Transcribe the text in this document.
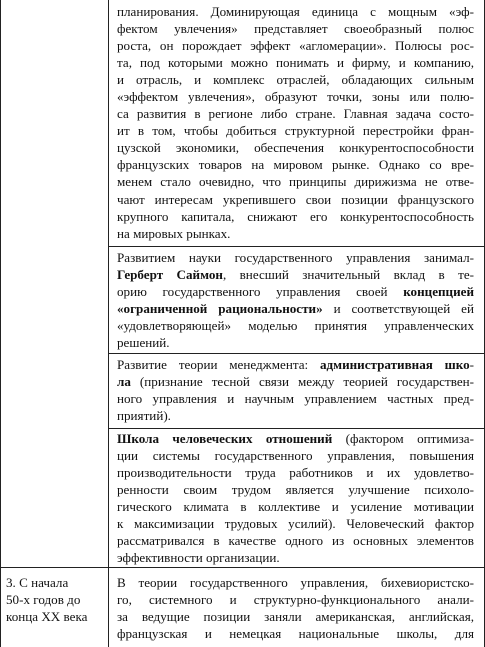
планирования. Доминирующая единица с мощным «эф-
фектом увлечения» представляет своеобразный полюс
роста, он порождает эффект «агломерации». Полюсы рос-
та, под которыми можно понимать и фирму, и компанию,
и отрасль, и комплекс отраслей, обладающих сильным
«эффектом увлечения», образуют точки, зоны или полю-
са развития в регионе либо стране. Главная задача состо-
ит в том, чтобы добиться структурной перестройки фран-
цузской экономики, обеспечения конкурентоспособности
французских товаров на мировом рынке. Однако со вре-
менем стало очевидно, что принципы дирижизма не отве-
чают интересам укрепившего свои позиции французского
крупного капитала, снижают его конкурентоспособность
на мировых рынках.
Развитием науки государственного управления занимал-
Герберт Саймон, внесший значительный вклад в те-
орию государственного управления своей концепцией
«ограниченной рациональности» и соответствующей ей
«удовлетворяющей» моделью принятия управленческих
решений.
Развитие теории менеджмента: административная шко-
ла (признание тесной связи между теорией государствен-
ного управления и научным управлением частных пред-
приятий).
Школа человеческих отношений (фактором оптимиза-
ции системы государственного управления, повышения
производительности труда работников и их удовлетво-
ренности своим трудом является улучшение психоло-
гического климата в коллективе и усиление мотивации
к максимизации трудовых усилий). Человеческий фактор
рассматривался в качестве одного из основных элементов
эффективности организации.
3. С начала
50-х годов до
конца XX века
В теории государственного управления, бихевиористско-
го, системного и структурно-функционального анали-
за ведущие позиции заняли американская, английская,
французская и немецкая национальные школы, для
